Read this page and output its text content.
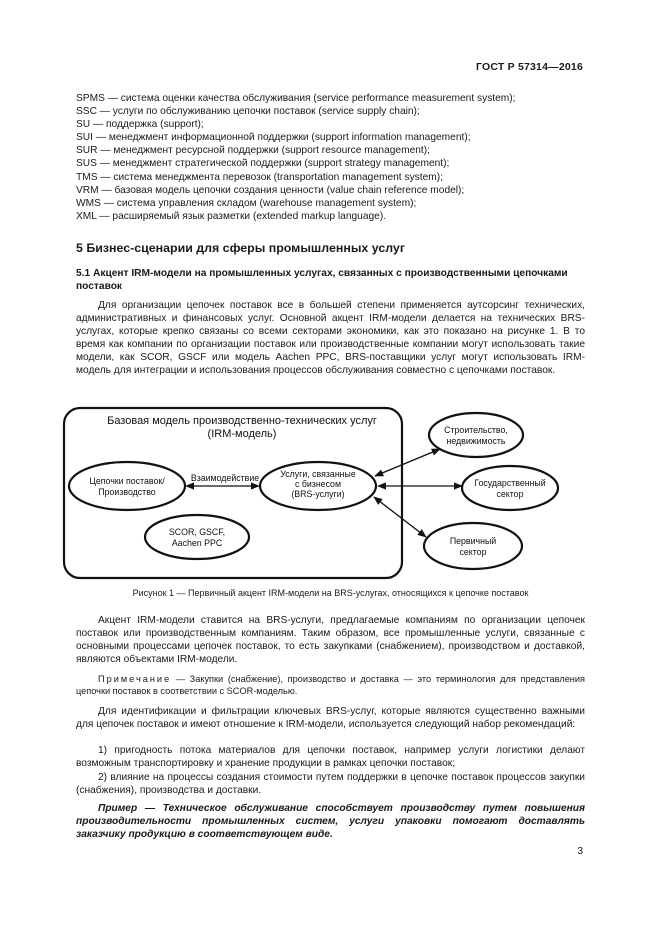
ГОСТ Р 57314—2016
SPMS — система оценки качества обслуживания (service performance measurement system);
SSC — услуги по обслуживанию цепочки поставок (service supply chain);
SU — поддержка (support);
SUI — менеджмент информационной поддержки (support information management);
SUR — менеджмент ресурсной поддержки (support resource management);
SUS — менеджмент стратегической поддержки (support strategy management);
TMS — система менеджмента перевозок (transportation management system);
VRM — базовая модель цепочки создания ценности (value chain reference model);
WMS — система управления складом (warehouse management system);
XML — расширяемый язык разметки (extended markup language).
5 Бизнес-сценарии для сферы промышленных услуг
5.1 Акцент IRM-модели на промышленных услугах, связанных с производственными цепочками поставок
Для организации цепочек поставок все в большей степени применяется аутсорсинг технических, административных и финансовых услуг. Основной акцент IRM-модели делается на технических BRS-услугах, которые крепко связаны со всеми секторами экономики, как это показано на рисунке 1. В то время как компании по организации поставок или производственные компании могут использовать такие модели, как SCOR, GSCF или модель Aachen PPC, BRS-поставщики услуг могут использовать IRM-модель для интеграции и использования процессов обслуживания совместно с цепочками поставок.
Базовая модель производственно-технических услуг
(IRM-модель)
Цепочки поставок/
Производство
Взаимодействие Услуги, связанные
с бизнесом
(BRS-услуги)
SCOR, GSCF,
Aachen PPC
Строительство,
недвижимость
Государственный
сектор
Первичный
сектор
Рисунок 1 — Первичный акцент IRM-модели на BRS-услугах, относящихся к цепочке поставок
Акцент IRM-модели ставится на BRS-услуги, предлагаемые компаниям по организации цепочек поставок или производственным компаниям. Таким образом, все промышленные услуги, связанные с основными процессами цепочек поставок, то есть закупками (снабжением), производством и доставкой, являются объектами IRM-модели.
Примечание — Закупки (снабжение), производство и доставка — это терминология для представления цепочки поставок в соответствии с SCOR-моделью.
Для идентификации и фильтрации ключевых BRS-услуг, которые являются существенно важными для цепочек поставок и имеют отношение к IRM-модели, используется следующий набор рекомендаций:
1) пригодность потока материалов для цепочки поставок, например услуги логистики делают возможным транспортировку и хранение продукции в рамках цепочки поставок;
2) влияние на процессы создания стоимости путем поддержки в цепочке поставок процессов закупки (снабжения), производства и доставки.
Пример — Техническое обслуживание способствует производству путем повышения производительности промышленных систем, услуги упаковки помогают доставлять заказчику продукцию в соответствующем виде.
3
